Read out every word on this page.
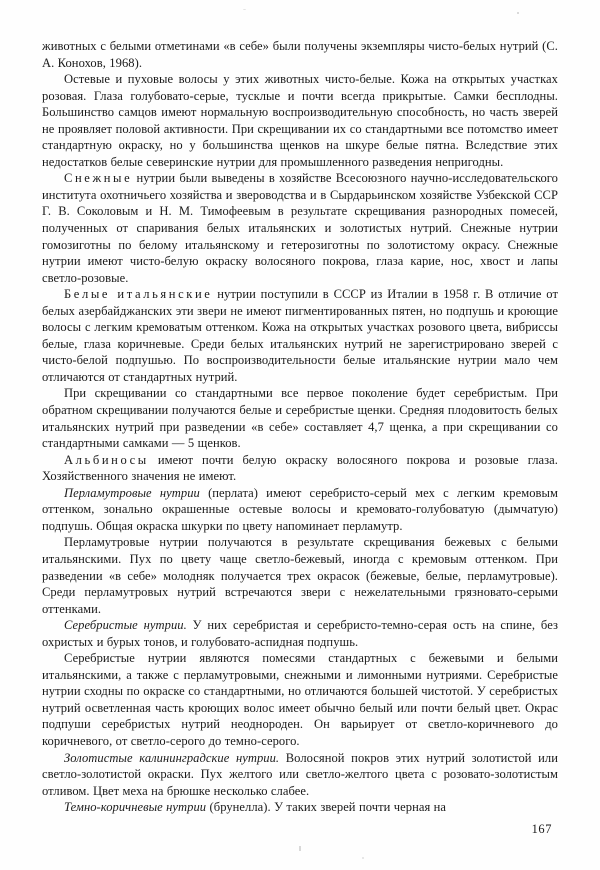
животных с белыми отметинами «в себе» были получены экземпляры чисто-белых нутрий (С. А. Конохов, 1968).

Остевые и пуховые волосы у этих животных чисто-белые. Кожа на открытых участках розовая. Глаза голубовато-серые, тусклые и почти всегда прикрытые. Самки бесплодны. Большинство самцов имеют нормальную воспроизводительную способность, но часть зверей не проявляет половой активности. При скрещивании их со стандартными все потомство имеет стандартную окраску, но у большинства щенков на шкуре белые пятна. Вследствие этих недостатков белые северинские нутрии для промышленного разведения непригодны.

Снежные нутрии были выведены в хозяйстве Всесоюзного научно-исследовательского института охотничьего хозяйства и звероводства и в Сырдарьинском хозяйстве Узбекской ССР Г. В. Соколовым и Н. М. Тимофеевым в результате скрещивания разнородных помесей, полученных от спаривания белых итальянских и золотистых нутрий. Снежные нутрии гомозиготны по белому итальянскому и гетерозиготны по золотистому окрасу. Снежные нутрии имеют чисто-белую окраску волосяного покрова, глаза карие, нос, хвост и лапы светло-розовые.

Белые итальянские нутрии поступили в СССР из Италии в 1958 г. В отличие от белых азербайджанских эти звери не имеют пигментированных пятен, но подпушь и кроющие волосы с легким кремоватым оттенком. Кожа на открытых участках розового цвета, вибриссы белые, глаза коричневые. Среди белых итальянских нутрий не зарегистрировано зверей с чисто-белой подпушью. По воспроизводительности белые итальянские нутрии мало чем отличаются от стандартных нутрий.

При скрещивании со стандартными все первое поколение будет серебристым. При обратном скрещивании получаются белые и серебристые щенки. Средняя плодовитость белых итальянских нутрий при разведении «в себе» составляет 4,7 щенка, а при скрещивании со стандартными самками — 5 щенков.

Альбиносы имеют почти белую окраску волосяного покрова и розовые глаза. Хозяйственного значения не имеют.

Перламутровые нутрии (перлата) имеют серебристо-серый мех с легким кремовым оттенком, зонально окрашенные остевые волосы и кремовато-голубоватую (дымчатую) подпушь. Общая окраска шкурки по цвету напоминает перламутр.

Перламутровые нутрии получаются в результате скрещивания бежевых с белыми итальянскими. Пух по цвету чаще светло-бежевый, иногда с кремовым оттенком. При разведении «в себе» молодняк получается трех окрасок (бежевые, белые, перламутровые). Среди перламутровых нутрий встречаются звери с нежелательными грязновато-серыми оттенками.

Серебристые нутрии. У них серебристая и серебристо-темно-серая ость на спине, без охристых и бурых тонов, и голубовато-аспидная подпушь.

Серебристые нутрии являются помесями стандартных с бежевыми и белыми итальянскими, а также с перламутровыми, снежными и лимонными нутриями. Серебристые нутрии сходны по окраске со стандартными, но отличаются большей чистотой. У серебристых нутрий осветленная часть кроющих волос имеет обычно белый или почти белый цвет. Окрас подпуши серебристых нутрий неоднороден. Он варьирует от светло-коричневого до коричневого, от светло-серого до темно-серого.

Золотистые калининградские нутрии. Волосяной покров этих нутрий золотистой или светло-золотистой окраски. Пух желтого или светло-желтого цвета с розовато-золотистым отливом. Цвет меха на брюшке несколько слабее.

Темно-коричневые нутрии (брунелла). У таких зверей почти черная на

167
